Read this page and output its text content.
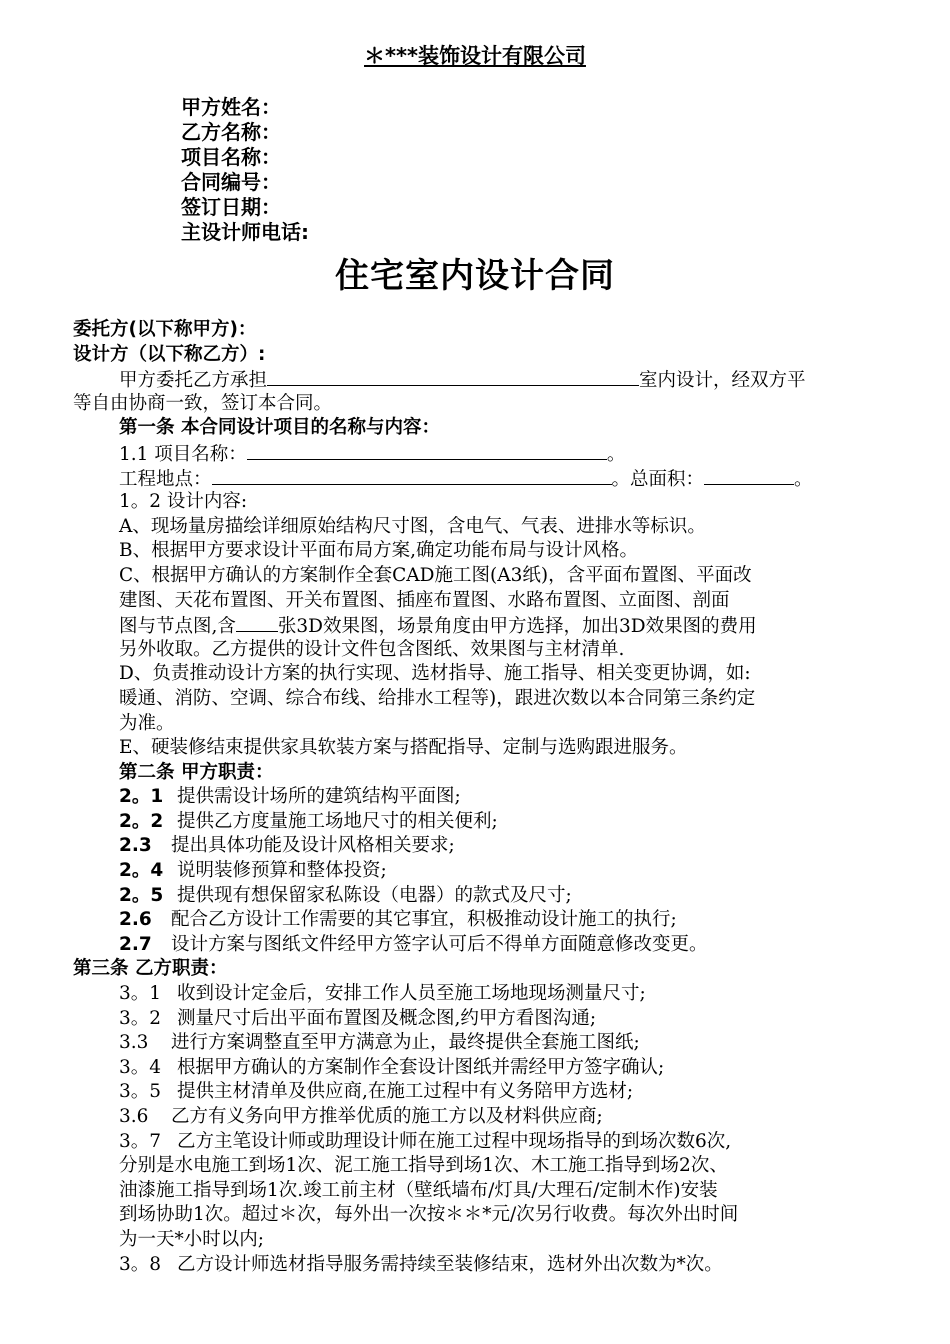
＊***装饰设计有限公司
甲方姓名：
乙方名称：
项目名称：
合同编号：
签订日期：
主设计师电话:
住宅室内设计合同
委托方(以下称甲方)：
设计方（以下称乙方）:
甲方委托乙方承担	室内设计，经双方平
等自由协商一致，签订本合同。
第一条 本合同设计项目的名称与内容：
1.1 项目名称：	。
工程地点：	。总面积：	。
1。2 设计内容:
A、现场量房描绘详细原始结构尺寸图，含电气、气表、进排水等标识。
B、根据甲方要求设计平面布局方案,确定功能布局与设计风格。
C、根据甲方确认的方案制作全套CAD施工图(A3纸)，含平面布置图、平面改
建图、天花布置图、开关布置图、插座布置图、水路布置图、立面图、剖面
图与节点图,含 张3D效果图，场景角度由甲方选择，加出3D效果图的费用
另外收取。乙方提供的设计文件包含图纸、效果图与主材清单.
D、负责推动设计方案的执行实现、选材指导、施工指导、相关变更协调，如:
暖通、消防、空调、综合布线、给排水工程等)，跟进次数以本合同第三条约定
为准。
E、硬装修结束提供家具软装方案与搭配指导、定制与选购跟进服务。
第二条 甲方职责：
2。1 提供需设计场所的建筑结构平面图;
2。2 提供乙方度量施工场地尺寸的相关便利;
2.3 提出具体功能及设计风格相关要求;
2。4 说明装修预算和整体投资;
2。5 提供现有想保留家私陈设（电器）的款式及尺寸;
2.6 配合乙方设计工作需要的其它事宜，积极推动设计施工的执行;
2.7 设计方案与图纸文件经甲方签字认可后不得单方面随意修改变更。
第三条 乙方职责：
3。1 收到设计定金后，安排工作人员至施工场地现场测量尺寸;
3。2 测量尺寸后出平面布置图及概念图,约甲方看图沟通;
3.3 进行方案调整直至甲方满意为止，最终提供全套施工图纸;
3。4 根据甲方确认的方案制作全套设计图纸并需经甲方签字确认;
3。5 提供主材清单及供应商,在施工过程中有义务陪甲方选材;
3.6 乙方有义务向甲方推举优质的施工方以及材料供应商;
3。7 乙方主笔设计师或助理设计师在施工过程中现场指导的到场次数6次,
分别是水电施工到场1次、泥工施工指导到场1次、木工施工指导到场2次、
油漆施工指导到场1次.竣工前主材（壁纸墙布/灯具/大理石/定制木作)安装
到场协助1次。超过＊次，每外出一次按＊＊*元/次另行收费。每次外出时间
为一天*小时以内;
3。8 乙方设计师选材指导服务需持续至装修结束，选材外出次数为*次。
